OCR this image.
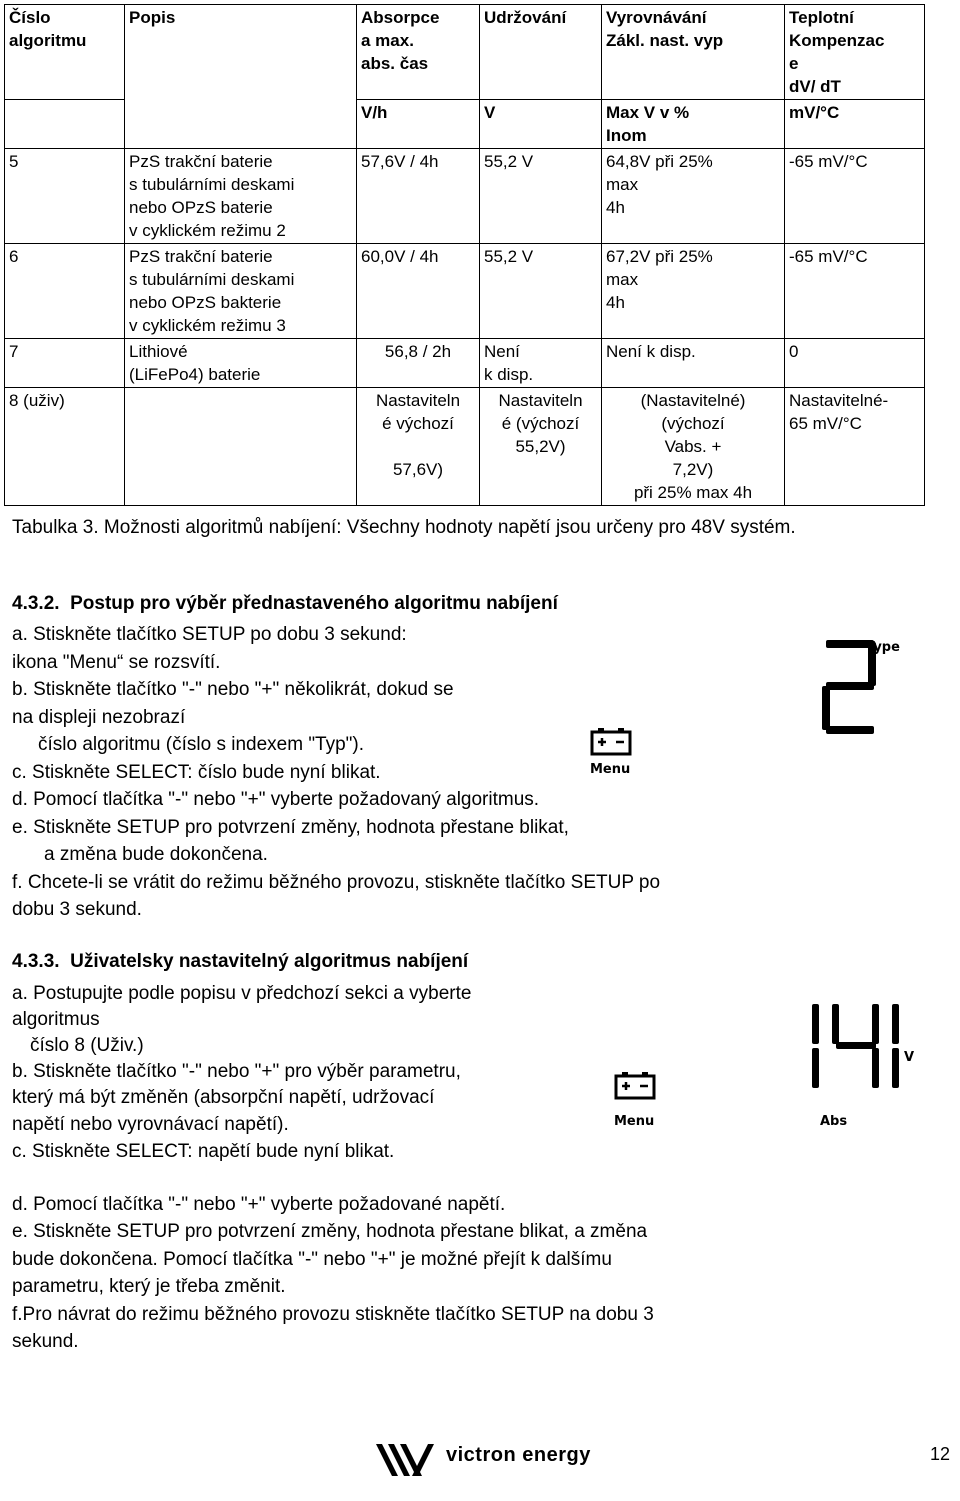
Číslo
algoritmu	Popis	Absorpce
a max.
abs. čas	Udržování	Vyrovnávání
Zákl. nast. vyp	Teplotní
Kompenzac
e
dV/ dT
		V/h	V	Max V v %
Inom	mV/°C
5	PzS trakční baterie
s tubulárními deskami
nebo OPzS baterie
v cyklickém režimu 2	57,6V / 4h	55,2 V	64,8V při 25%
max
4h	-65 mV/°C
6	PzS trakční baterie
s tubulárními deskami
nebo OPzS bakterie
v cyklickém režimu 3	60,0V / 4h	55,2 V	67,2V při 25%
max
4h	-65 mV/°C
7	Lithiové
(LiFePo4) baterie	56,8 / 2h	Není
k disp.	Není k disp.	0
8 (uživ)		Nastaviteln
é výchozí

57,6V)	Nastaviteln
é (výchozí
55,2V)	(Nastavitelné)
(výchozí
Vabs. +
7,2V)
při 25% max 4h	Nastavitelné-
65 mV/°C
Tabulka 3. Možnosti algoritmů nabíjení: Všechny hodnoty napětí jsou určeny pro 48V systém.
4.3.2. Postup pro výběr přednastaveného algoritmu nabíjení
a. Stiskněte tlačítko SETUP po dobu 3 sekund:
ikona "Menu“ se rozsvítí.
b. Stiskněte tlačítko "-" nebo "+" několikrát, dokud se
na displeji nezobrazí
číslo algoritmu (číslo s indexem "Typ").
c. Stiskněte SELECT: číslo bude nyní blikat.
d. Pomocí tlačítka "-" nebo "+" vyberte požadovaný algoritmus.
e. Stiskněte SETUP pro potvrzení změny, hodnota přestane blikat,
a změna bude dokončena.
f. Chcete-li se vrátit do režimu běžného provozu, stiskněte tlačítko SETUP po
dobu 3 sekund.
Type
Menu
4.3.3. Uživatelsky nastavitelný algoritmus nabíjení
a. Postupujte podle popisu v předchozí sekci a vyberte
algoritmus
číslo 8 (Uživ.)
b. Stiskněte tlačítko "-" nebo "+" pro výběr parametru,
který má být změněn (absorpční napětí, udržovací
napětí nebo vyrovnávací napětí).
c. Stiskněte SELECT: napětí bude nyní blikat.
d. Pomocí tlačítka "-" nebo "+" vyberte požadované napětí.
e. Stiskněte SETUP pro potvrzení změny, hodnota přestane blikat, a změna
bude dokončena. Pomocí tlačítka "-" nebo "+" je možné přejít k dalšímu
parametru, který je třeba změnit.
f.Pro návrat do režimu běžného provozu stiskněte tlačítko SETUP na dobu 3
sekund.
V
Menu	Abs
victron energy	12
